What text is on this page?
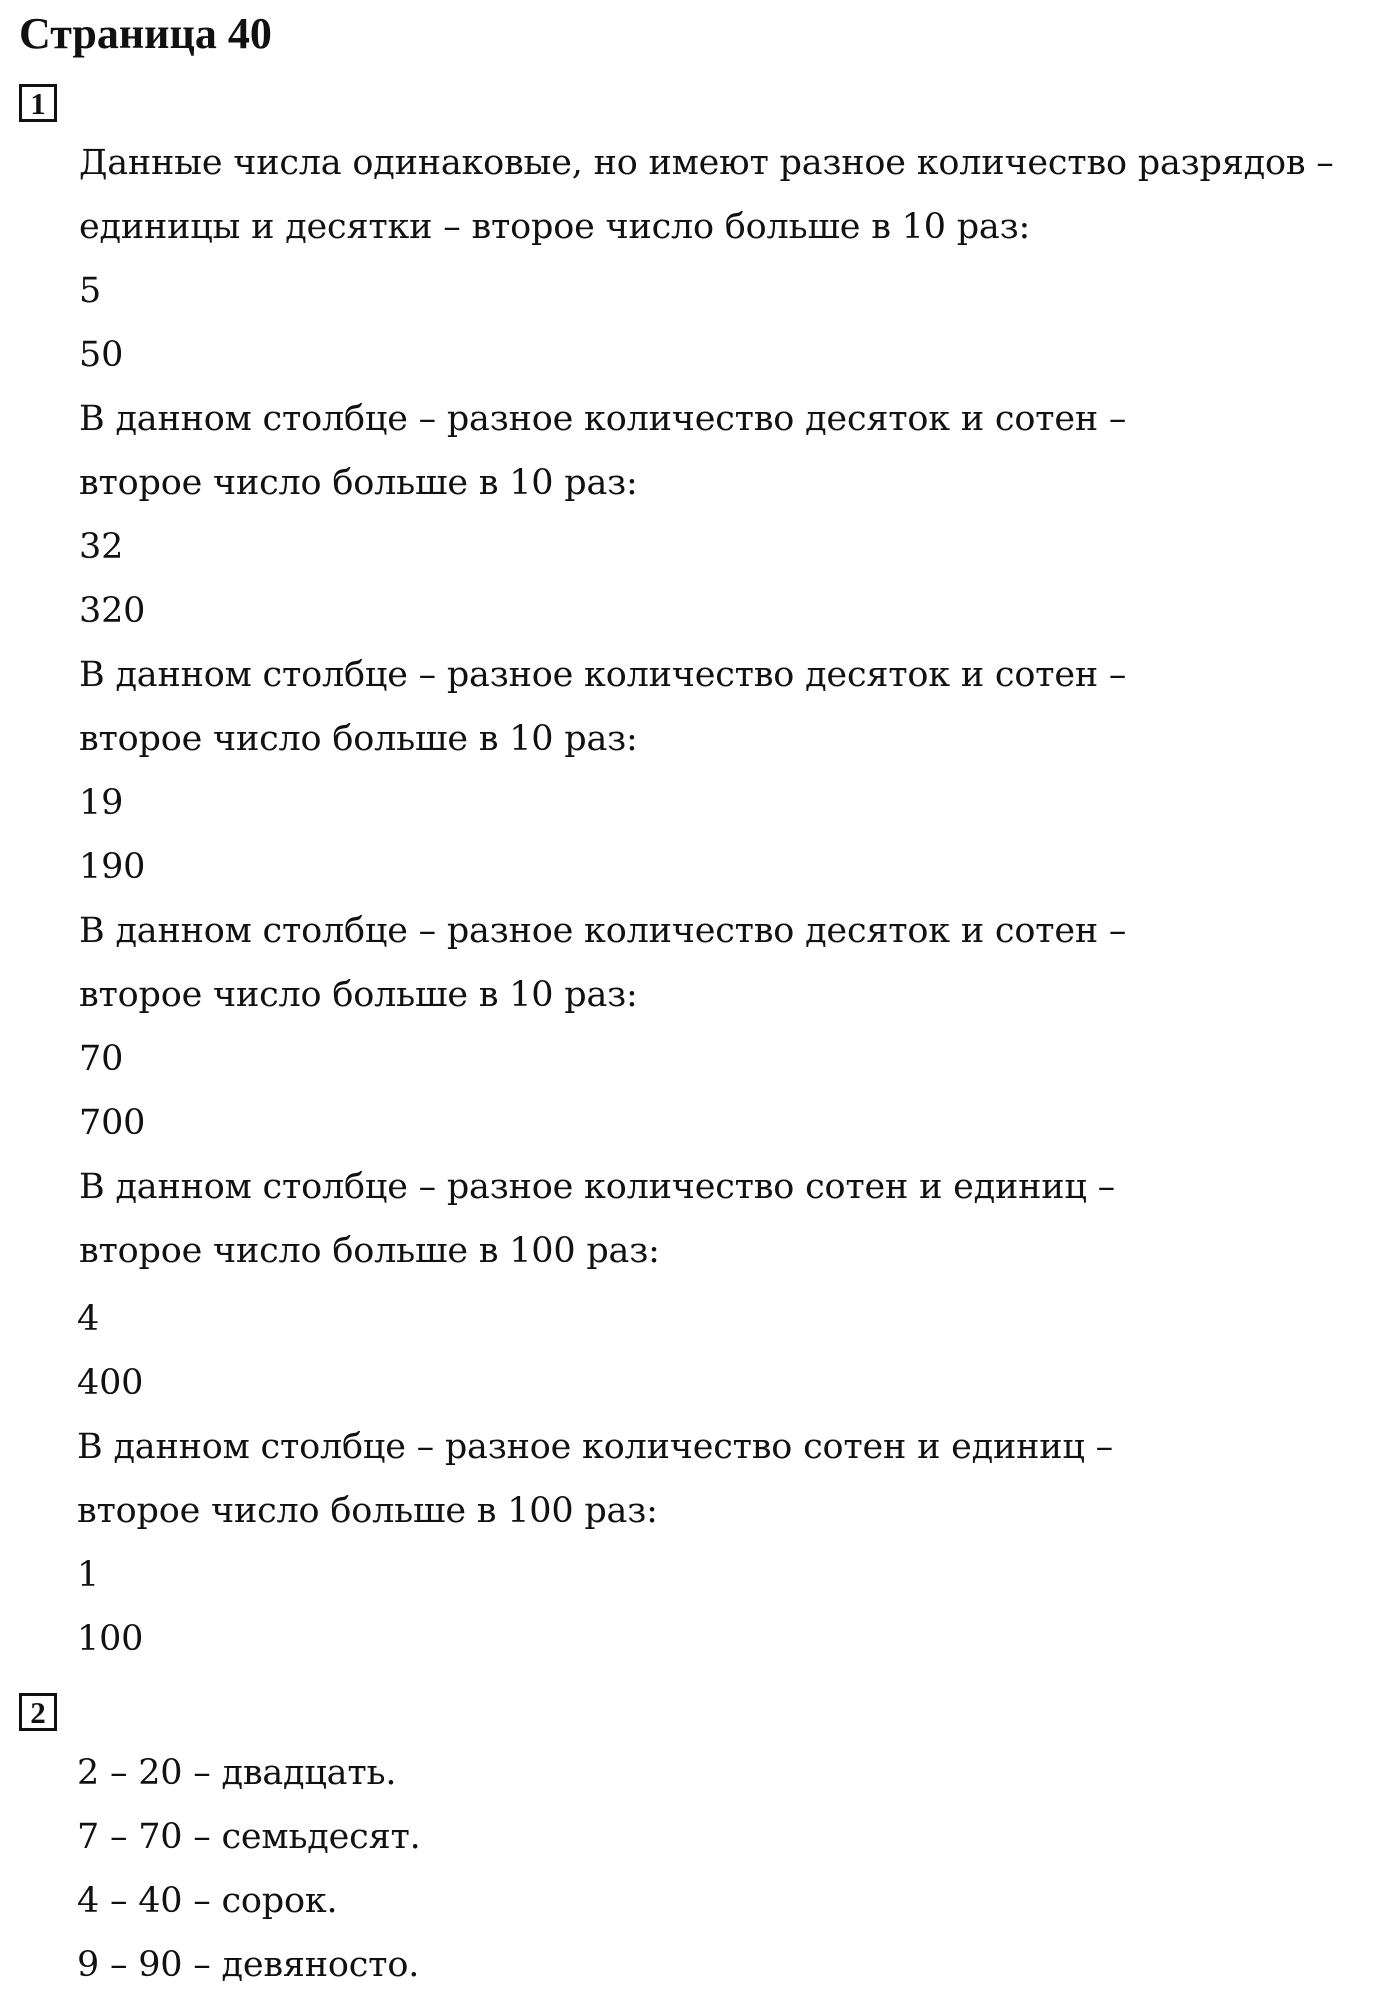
Страница 40
1

Данные числа одинаковые, но имеют разное количество разрядов –

единицы и десятки – второе число больше в 10 раз:

5

50

В данном столбце – разное количество десяток и сотен –

второе число больше в 10 раз:

32

320

В данном столбце – разное количество десяток и сотен –

второе число больше в 10 раз:

19

190

В данном столбце – разное количество десяток и сотен –

второе число больше в 10 раз:

70

700

В данном столбце – разное количество сотен и единиц –

второе число больше в 100 раз:

4

400

В данном столбце – разное количество сотен и единиц –

второе число больше в 100 раз:

1

100

2

2 – 20 – двадцать.

7 – 70 – семьдесят.

4 – 40 – сорок.

9 – 90 – девяносто.
